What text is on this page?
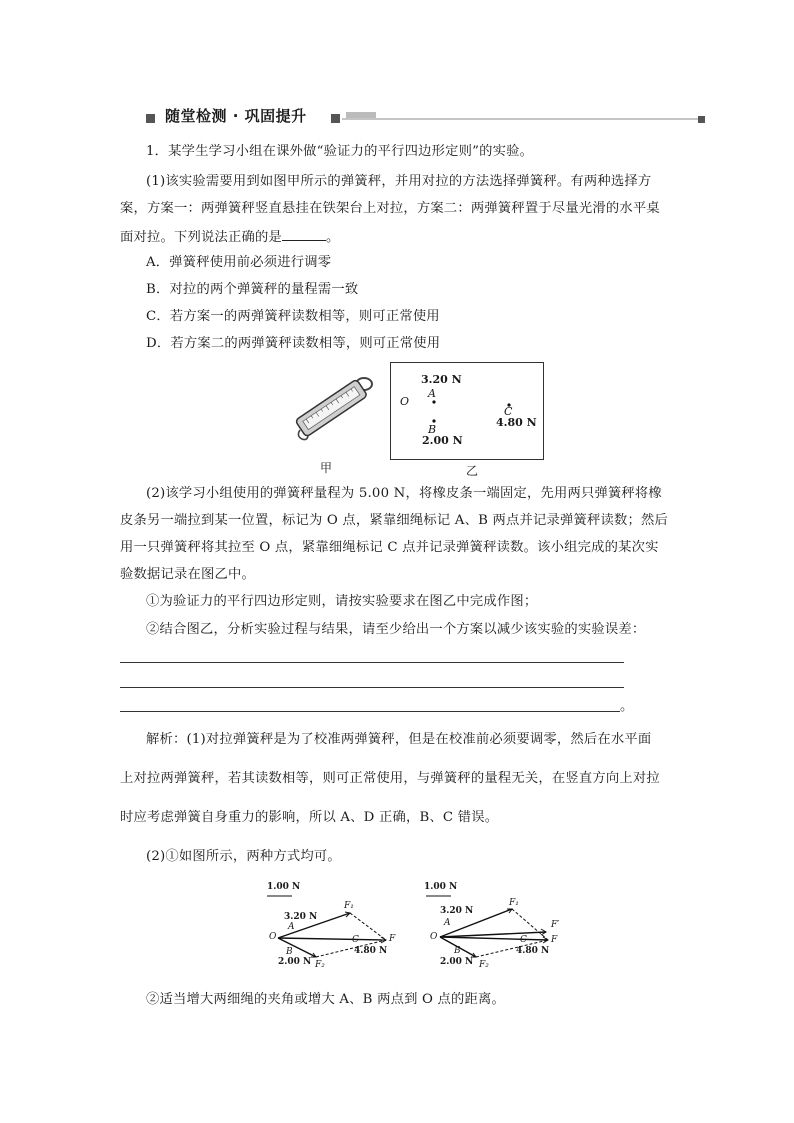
随堂检测 · 巩固提升
1．某学生学习小组在课外做“验证力的平行四边形定则”的实验。
(1)该实验需要用到如图甲所示的弹簧秤，并用对拉的方法选择弹簧秤。有两种选择方
案，方案一：两弹簧秤竖直悬挂在铁架台上对拉，方案二：两弹簧秤置于尽量光滑的水平桌
面对拉。下列说法正确的是	。
A．弹簧秤使用前必须进行调零
B．对拉的两个弹簧秤的量程需一致
C．若方案一的两弹簧秤读数相等，则可正常使用
D．若方案二的两弹簧秤读数相等，则可正常使用
甲
3.20 N
A
O
B
2.00 N
C
4.80 N
乙
(2)该学习小组使用的弹簧秤量程为 5.00 N，将橡皮条一端固定，先用两只弹簧秤将橡
皮条另一端拉到某一位置，标记为 O 点，紧靠细绳标记 A、B 两点并记录弹簧秤读数；然后
用一只弹簧秤将其拉至 O 点，紧靠细绳标记 C 点并记录弹簧秤读数。该小组完成的某次实
验数据记录在图乙中。
①为验证力的平行四边形定则，请按实验要求在图乙中完成作图；
②结合图乙，分析实验过程与结果，请至少给出一个方案以减少该实验的实验误差：
。
解析：(1)对拉弹簧秤是为了校准两弹簧秤，但是在校准前必须要调零，然后在水平面
上对拉两弹簧秤，若其读数相等，则可正常使用，与弹簧秤的量程无关，在竖直方向上对拉
时应考虑弹簧自身重力的影响，所以 A、D 正确，B、C 错误。
(2)①如图所示，两种方式均可。
1.00 N
3.20 N
A
O
B
2.00 N
C
4.80 N
F
F₁
F₂
1.00 N
3.20 N
A
O
B
2.00 N
C
4.80 N
F′
F
F₁
F₂
②适当增大两细绳的夹角或增大 A、B 两点到 O 点的距离。
